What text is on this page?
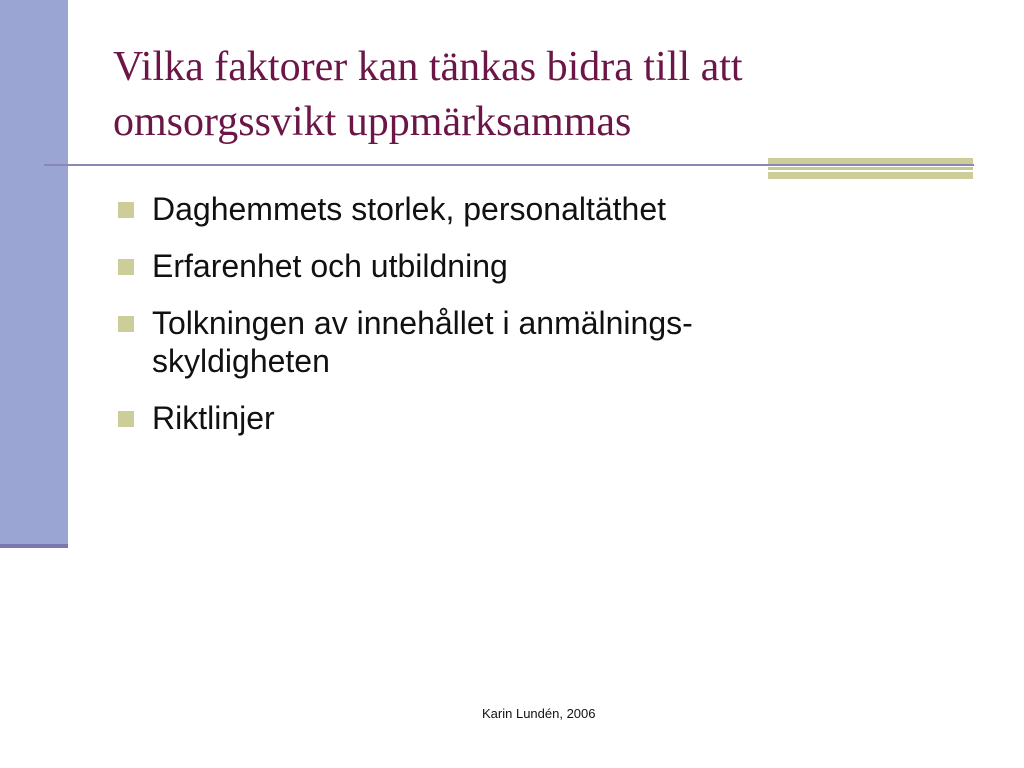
Vilka faktorer kan tänkas bidra till att
omsorgssvikt uppmärksammas
Daghemmets storlek, personaltäthet
Erfarenhet och utbildning
Tolkningen av innehållet i anmälnings-
skyldigheten
Riktlinjer
Karin Lundén, 2006
